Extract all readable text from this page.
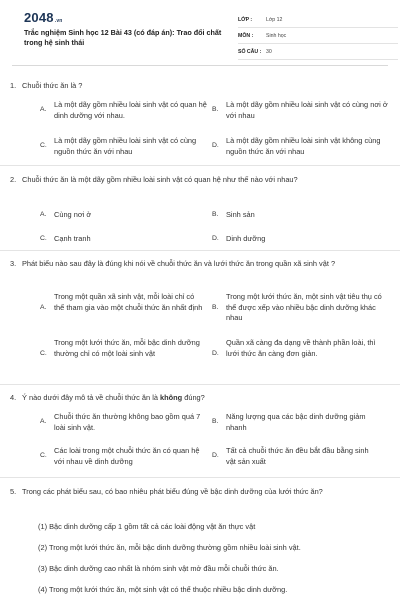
2048.vn
Trắc nghiệm Sinh học 12 Bài 43 (có đáp án): Trao đổi chất trong hệ sinh thái
LỚP :	Lớp 12
MÔN :	Sinh học
SỐ CÂU : 30
1. Chuỗi thức ăn là ?
A.
Là một dãy gồm nhiều loài sinh vật có quan hệ dinh dưỡng với nhau.
B.
Là một dãy gồm nhiều loài sinh vật có cùng nơi ở với nhau
C.
Là một dãy gồm nhiều loài sinh vật có cùng nguồn thức ăn với nhau
D.
Là một dãy gồm nhiều loài sinh vật không cùng nguồn thức ăn với nhau
2. Chuỗi thức ăn là một dãy gồm nhiều loài sinh vật có quan hệ như thế nào với nhau?
A.	Cùng nơi ở	B.	Sinh sản
C. Cạnh tranh	D. Dinh dưỡng
3. Phát biểu nào sau đây là đúng khi nói về chuỗi thức ăn và lưới thức ăn trong quần xã sinh vật ?
A.
Trong một quần xã sinh vật, mỗi loài chỉ có thể tham gia vào một chuỗi thức ăn nhất định	B.
Trong một lưới thức ăn, một sinh vật tiêu thụ có thể được xếp vào nhiều bậc dinh dưỡng khác nhau
C.
Trong một lưới thức ăn, mỗi bậc dinh dưỡng thường chỉ có một loài sinh vật	D.
Quần xã càng đa dạng về thành phần loài, thì lưới thức ăn càng đơn giản.
4. Ý nào dưới đây mô tả về chuỗi thức ăn là không đúng?
A.
Chuỗi thức ăn thường không bao gồm quá 7 loài sinh vật.
B.
Năng lượng qua các bậc dinh dưỡng giảm nhanh
C.
Các loài trong một chuỗi thức ăn có quan hệ với nhau về dinh dưỡng
D.
Tất cả chuỗi thức ăn đều bắt đầu bằng sinh vật sản xuất
5. Trong các phát biểu sau, có bao nhiêu phát biểu đúng về bậc dinh dưỡng của lưới thức ăn?
(1) Bậc dinh dưỡng cấp 1 gồm tất cả các loài động vật ăn thực vật
(2) Trong một lưới thức ăn, mỗi bậc dinh dưỡng thường gồm nhiều loài sinh vật.
(3) Bậc dinh dưỡng cao nhất là nhóm sinh vật mở đầu mỗi chuỗi thức ăn.
(4) Trong một lưới thức ăn, một sinh vật có thể thuộc nhiều bậc dinh dưỡng.
